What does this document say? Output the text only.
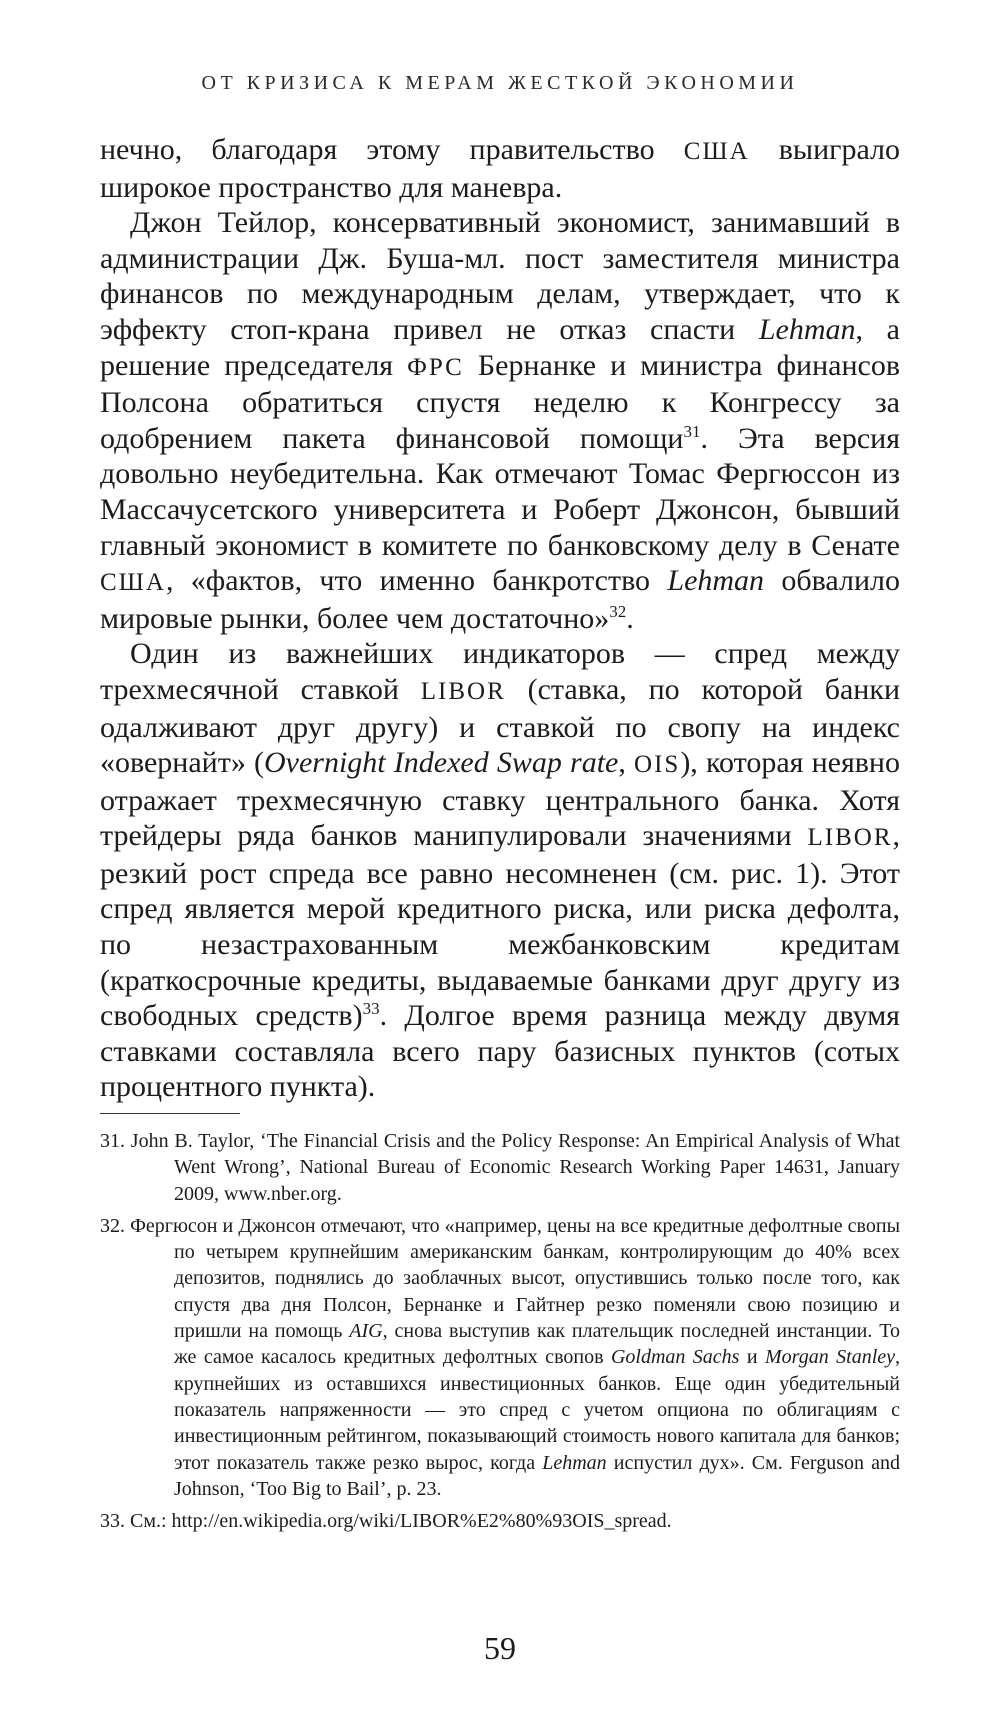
ОТ КРИЗИСА К МЕРАМ ЖЕСТКОЙ ЭКОНОМИИ

нечно, благодаря этому правительство США выиграло широкое пространство для маневра.

Джон Тейлор, консервативный экономист, занимавший в администрации Дж. Буша-мл. пост заместителя министра финансов по международным делам, утверждает, что к эффекту стоп-крана привел не отказ спасти Lehman, а решение председателя ФРС Бернанке и министра финансов Полсона обратиться спустя неделю к Конгрессу за одобрением пакета финансовой помощи$^{31}$. Эта версия довольно неубедительна. Как отмечают Томас Фергюссон из Массачусетского университета и Роберт Джонсон, бывший главный экономист в комитете по банковскому делу в Сенате США, «фактов, что именно банкротство Lehman обвалило мировые рынки, более чем достаточно»$^{32}$.

Один из важнейших индикаторов — спред между трехмесячной ставкой LIBOR (ставка, по которой банки одалживают друг другу) и ставкой по свопу на индекс «овернайт» (Overnight Indexed Swap rate, OIS), которая неявно отражает трехмесячную ставку центрального банка. Хотя трейдеры ряда банков манипулировали значениями LIBOR, резкий рост спреда все равно несомненен (см. рис. 1). Этот спред является мерой кредитного риска, или риска дефолта, по незастрахованным межбанковским кредитам (краткосрочные кредиты, выдаваемые банками друг другу из свободных средств)$^{33}$. Долгое время разница между двумя ставками составляла всего пару базисных пунктов (сотых процентного пункта).

31. John B. Taylor, ‘The Financial Crisis and the Policy Response: An Empirical Analysis of What Went Wrong’, National Bureau of Economic Research Working Paper 14631, January 2009, www.nber.org.

32. Фергюсон и Джонсон отмечают, что «например, цены на все кредитные дефолтные свопы по четырем крупнейшим американским банкам, контролирующим до 40% всех депозитов, поднялись до заоблачных высот, опустившись только после того, как спустя два дня Полсон, Бернанке и Гайтнер резко поменяли свою позицию и пришли на помощь AIG, снова выступив как плательщик последней инстанции. То же самое касалось кредитных дефолтных свопов Goldman Sachs и Morgan Stanley, крупнейших из оставшихся инвестиционных банков. Еще один убедительный показатель напряженности — это спред с учетом опциона по облигациям с инвестиционным рейтингом, показывающий стоимость нового капитала для банков; этот показатель также резко вырос, когда Lehman испустил дух». См. Ferguson and Johnson, ‘Too Big to Bail’, p. 23.

33. См.: http://en.wikipedia.org/wiki/LIBOR%E2%80%93OIS_spread.

59
